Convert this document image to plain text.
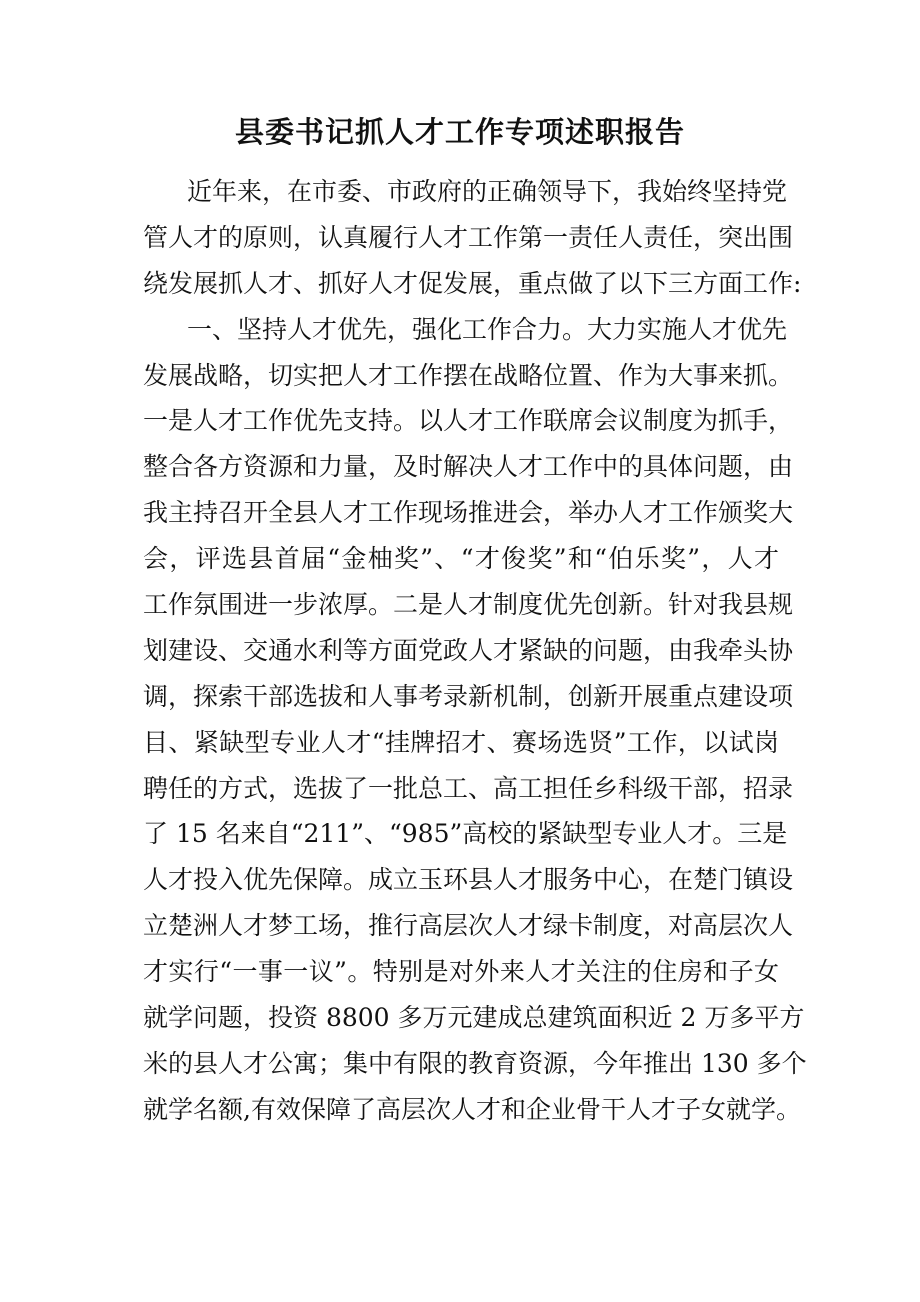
县委书记抓人才工作专项述职报告
近年来，在市委、市政府的正确领导下，我始终坚持党
管人才的原则，认真履行人才工作第一责任人责任，突出围
绕发展抓人才、抓好人才促发展，重点做了以下三方面工作:
一、坚持人才优先，强化工作合力。大力实施人才优先
发展战略，切实把人才工作摆在战略位置、作为大事来抓。
一是人才工作优先支持。以人才工作联席会议制度为抓手，
整合各方资源和力量，及时解决人才工作中的具体问题，由
我主持召开全县人才工作现场推进会，举办人才工作颁奖大
会，评选县首届“金柚奖”、“才俊奖”和“伯乐奖”，人才
工作氛围进一步浓厚。二是人才制度优先创新。针对我县规
划建设、交通水利等方面党政人才紧缺的问题，由我牵头协
调，探索干部选拔和人事考录新机制，创新开展重点建设项
目、紧缺型专业人才“挂牌招才、赛场选贤”工作，以试岗
聘任的方式，选拔了一批总工、高工担任乡科级干部，招录
了 15 名来自“211”、“985”高校的紧缺型专业人才。三是
人才投入优先保障。成立玉环县人才服务中心，在楚门镇设
立楚洲人才梦工场，推行高层次人才绿卡制度，对高层次人
才实行“一事一议”。特别是对外来人才关注的住房和子女
就学问题，投资 8800 多万元建成总建筑面积近 2 万多平方
米的县人才公寓；集中有限的教育资源，今年推出 130 多个
就学名额,有效保障了高层次人才和企业骨干人才子女就学。
